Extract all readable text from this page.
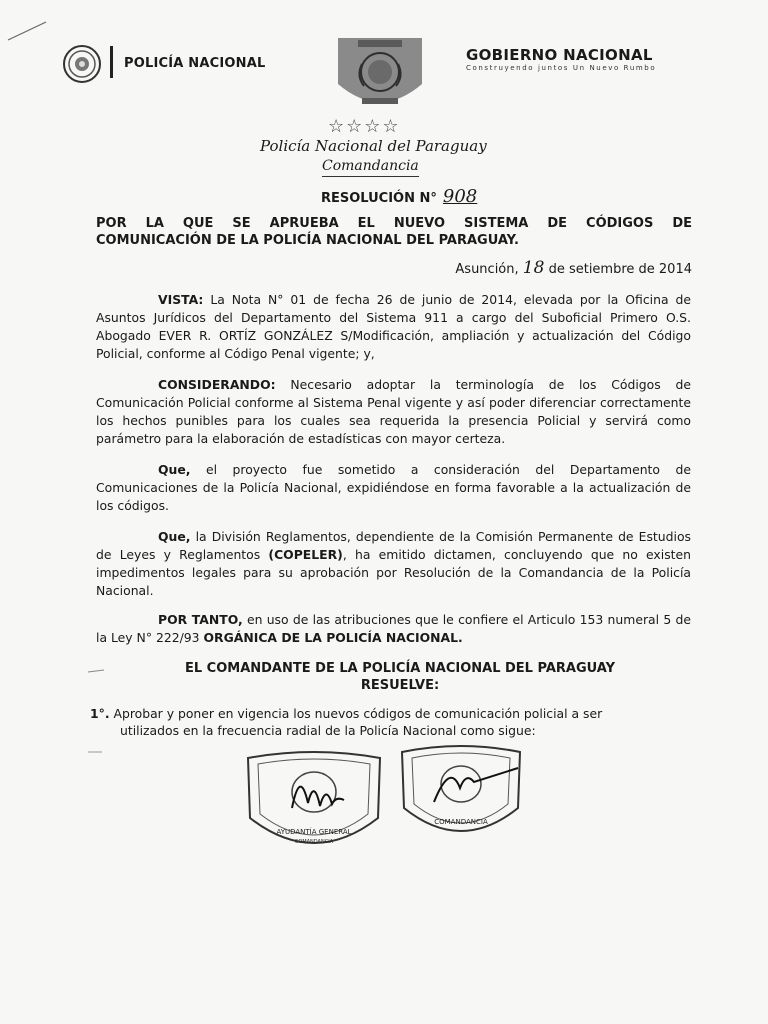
POLICÍA NACIONAL	GOBIERNO NACIONAL
Construyendo juntos Un Nuevo Rumbo
☆☆☆☆
Policía Nacional del Paraguay
Comandancia
RESOLUCIÓN N° 908
POR LA QUE SE APRUEBA EL NUEVO SISTEMA DE CÓDIGOS DE
COMUNICACIÓN DE LA POLICÍA NACIONAL DEL PARAGUAY.
Asunción, 18 de setiembre de 2014
VISTA: La Nota N° 01 de fecha 26 de junio de 2014, elevada por la Oficina de Asuntos Jurídicos del Departamento del Sistema 911 a cargo del Suboficial Primero O.S. Abogado EVER R. ORTÍZ GONZÁLEZ S/Modificación, ampliación y actualización del Código Policial, conforme al Código Penal vigente; y,
CONSIDERANDO: Necesario adoptar la terminología de los Códigos de Comunicación Policial conforme al Sistema Penal vigente y así poder diferenciar correctamente los hechos punibles para los cuales sea requerida la presencia Policial y servirá como parámetro para la elaboración de estadísticas con mayor certeza.
Que, el proyecto fue sometido a consideración del Departamento de Comunicaciones de la Policía Nacional, expidiéndose en forma favorable a la actualización de los códigos.
Que, la División Reglamentos, dependiente de la Comisión Permanente de Estudios de Leyes y Reglamentos (COPELER), ha emitido dictamen, concluyendo que no existen impedimentos legales para su aprobación por Resolución de la Comandancia de la Policía Nacional.
POR TANTO, en uso de las atribuciones que le confiere el Articulo 153 numeral 5 de la Ley N° 222/93 ORGÁNICA DE LA POLICÍA NACIONAL.
EL COMANDANTE DE LA POLICÍA NACIONAL DEL PARAGUAY
RESUELVE:
1°. Aprobar y poner en vigencia los nuevos códigos de comunicación policial a ser
utilizados en la frecuencia radial de la Policía Nacional como sigue:
AYUDANTÍA GENERAL
COMANDANCIA
COMANDANCIA
